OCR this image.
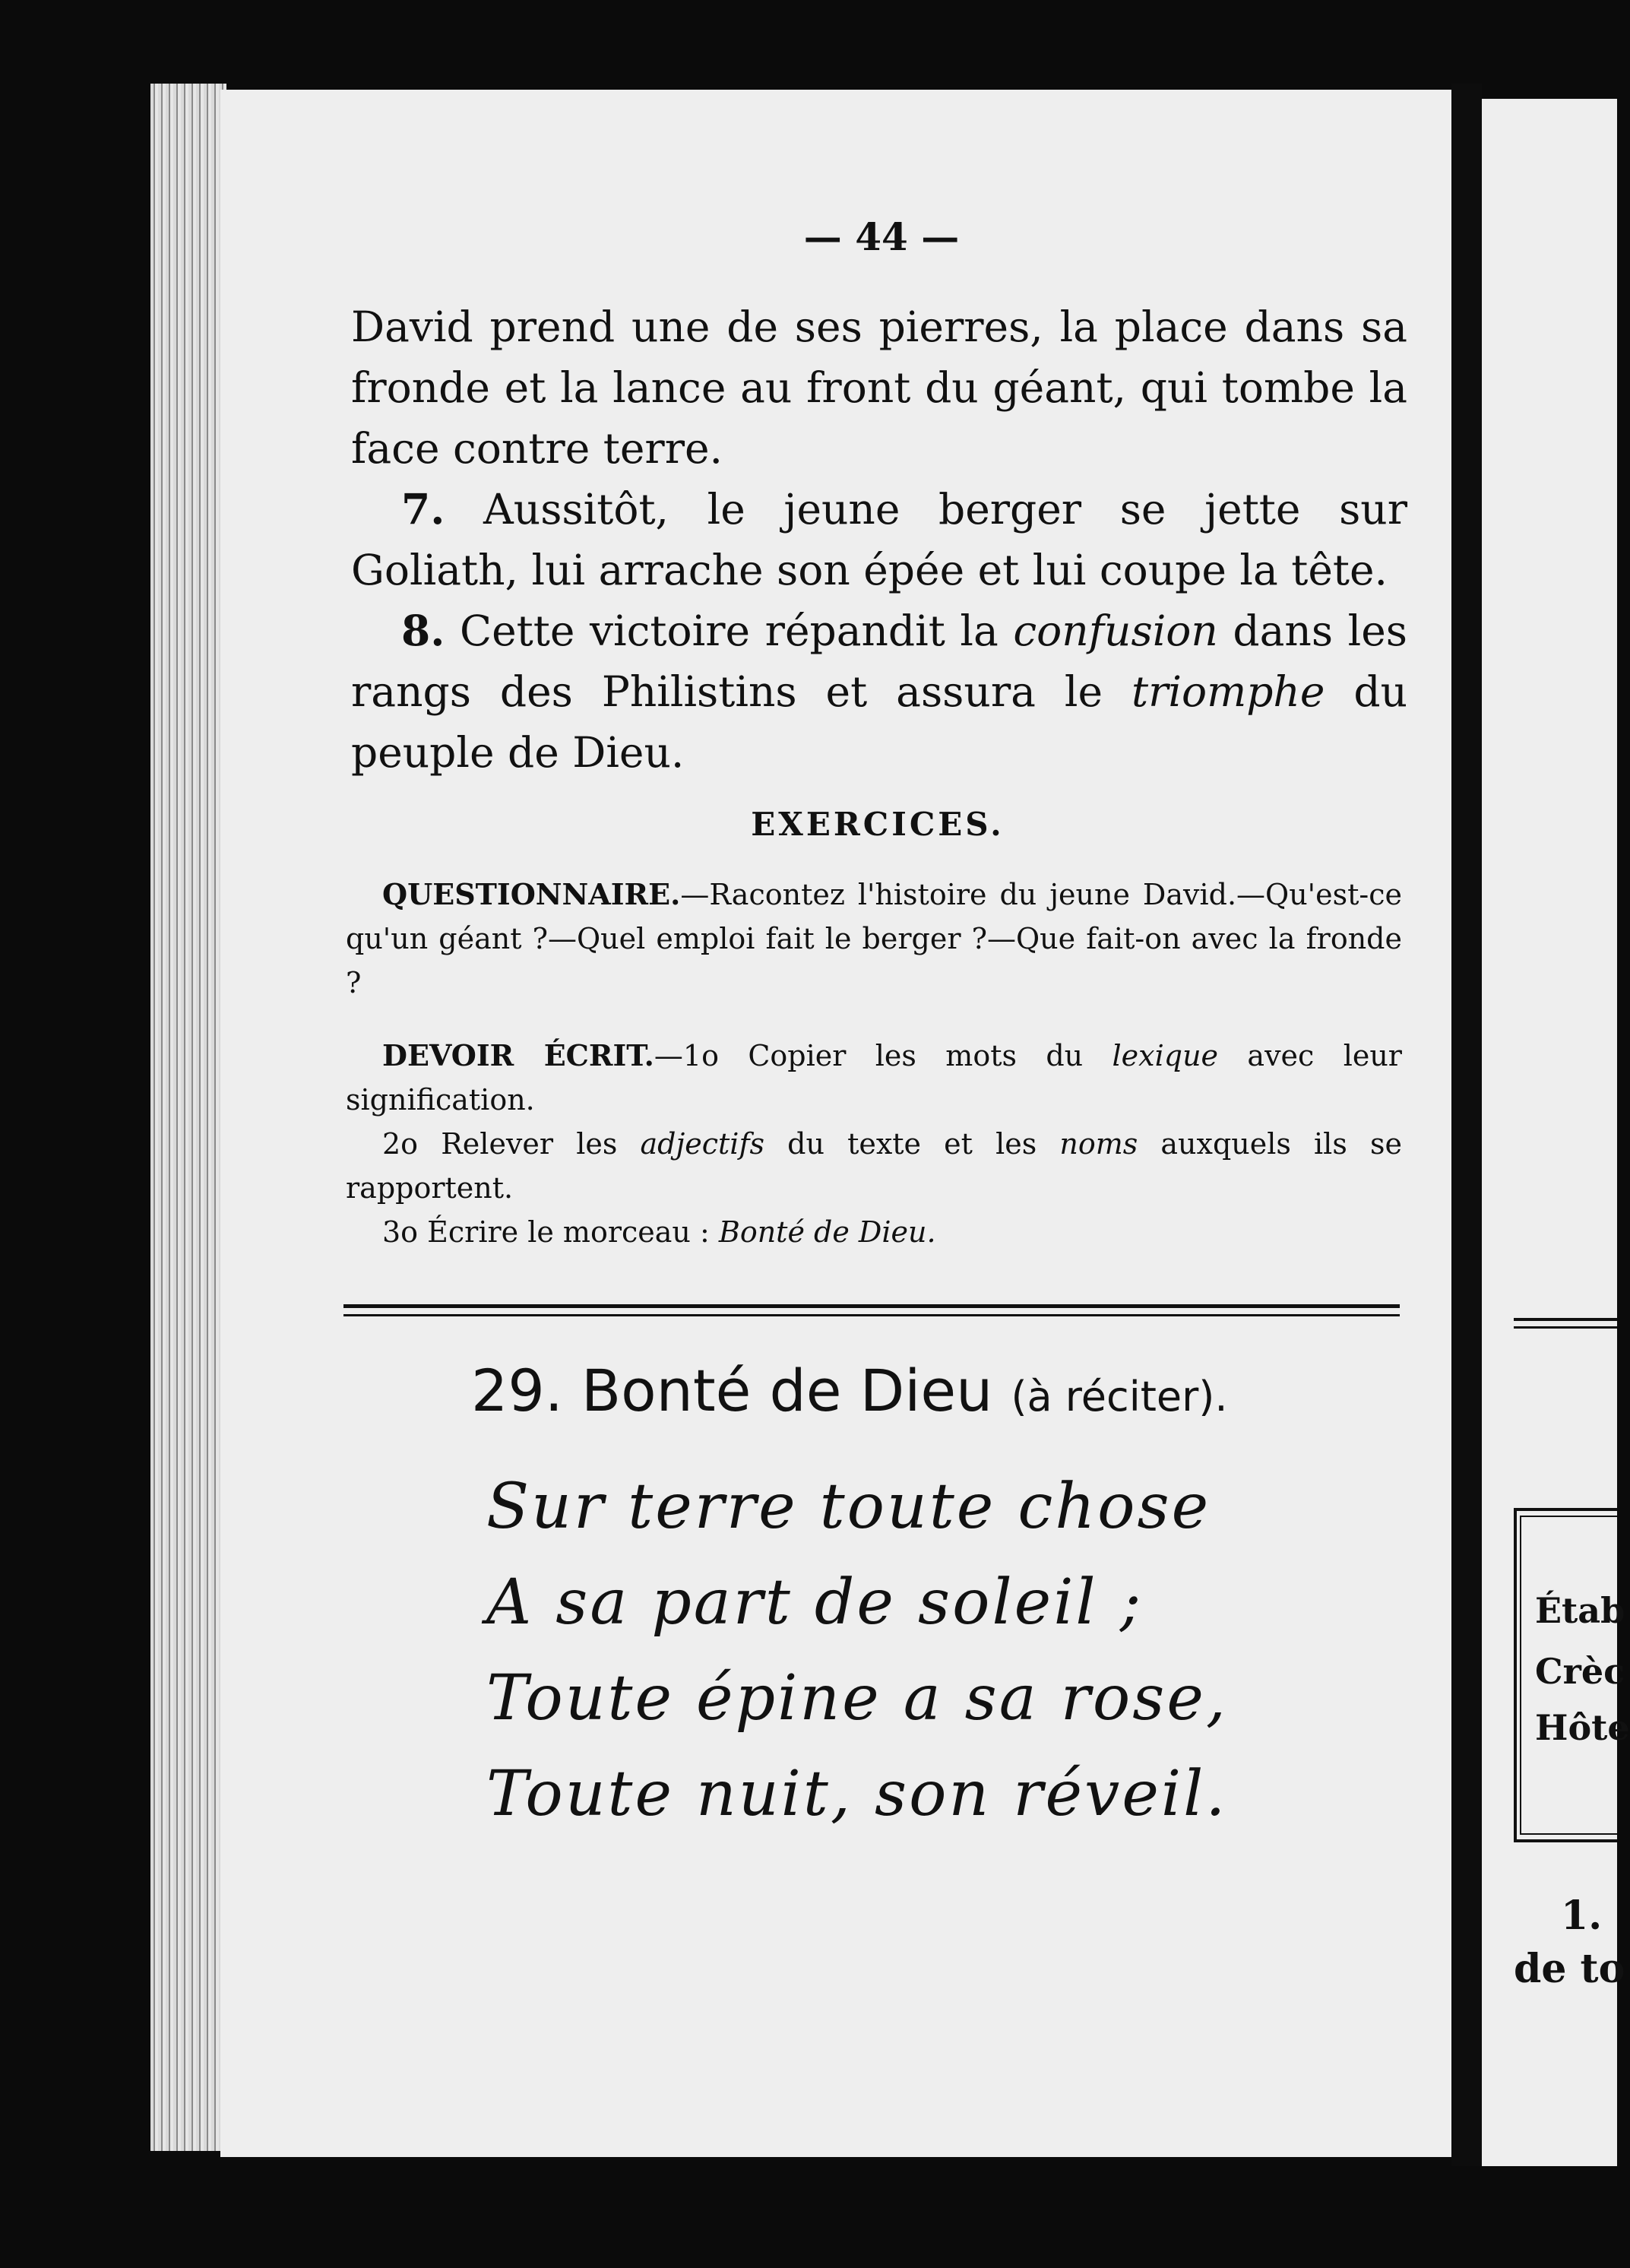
— 44 —

David prend une de ses pierres, la place dans sa fronde et la lance au front du géant, qui tombe la face contre terre.

7. Aussitôt, le jeune berger se jette sur Goliath, lui arrache son épée et lui coupe la tête.

8. Cette victoire répandit la confusion dans les rangs des Philistins et assura le triomphe du peuple de Dieu.

EXERCICES.

QUESTIONNAIRE.—Racontez l'histoire du jeune David.—Qu'est-ce qu'un géant ?—Quel emploi fait le berger ?—Que fait-on avec la fronde ?

DEVOIR ÉCRIT.—1o Copier les mots du lexique avec leur signification.

2o Relever les adjectifs du texte et les noms auxquels ils se rapportent.

3o Écrire le morceau : Bonté de Dieu.

29. Bonté de Dieu (à réciter).

Sur terre toute chose

A sa part de soleil ;

Toute épine a sa rose,

Toute nuit, son réveil.

Étab
Crèc
Hôte
1.
de to
